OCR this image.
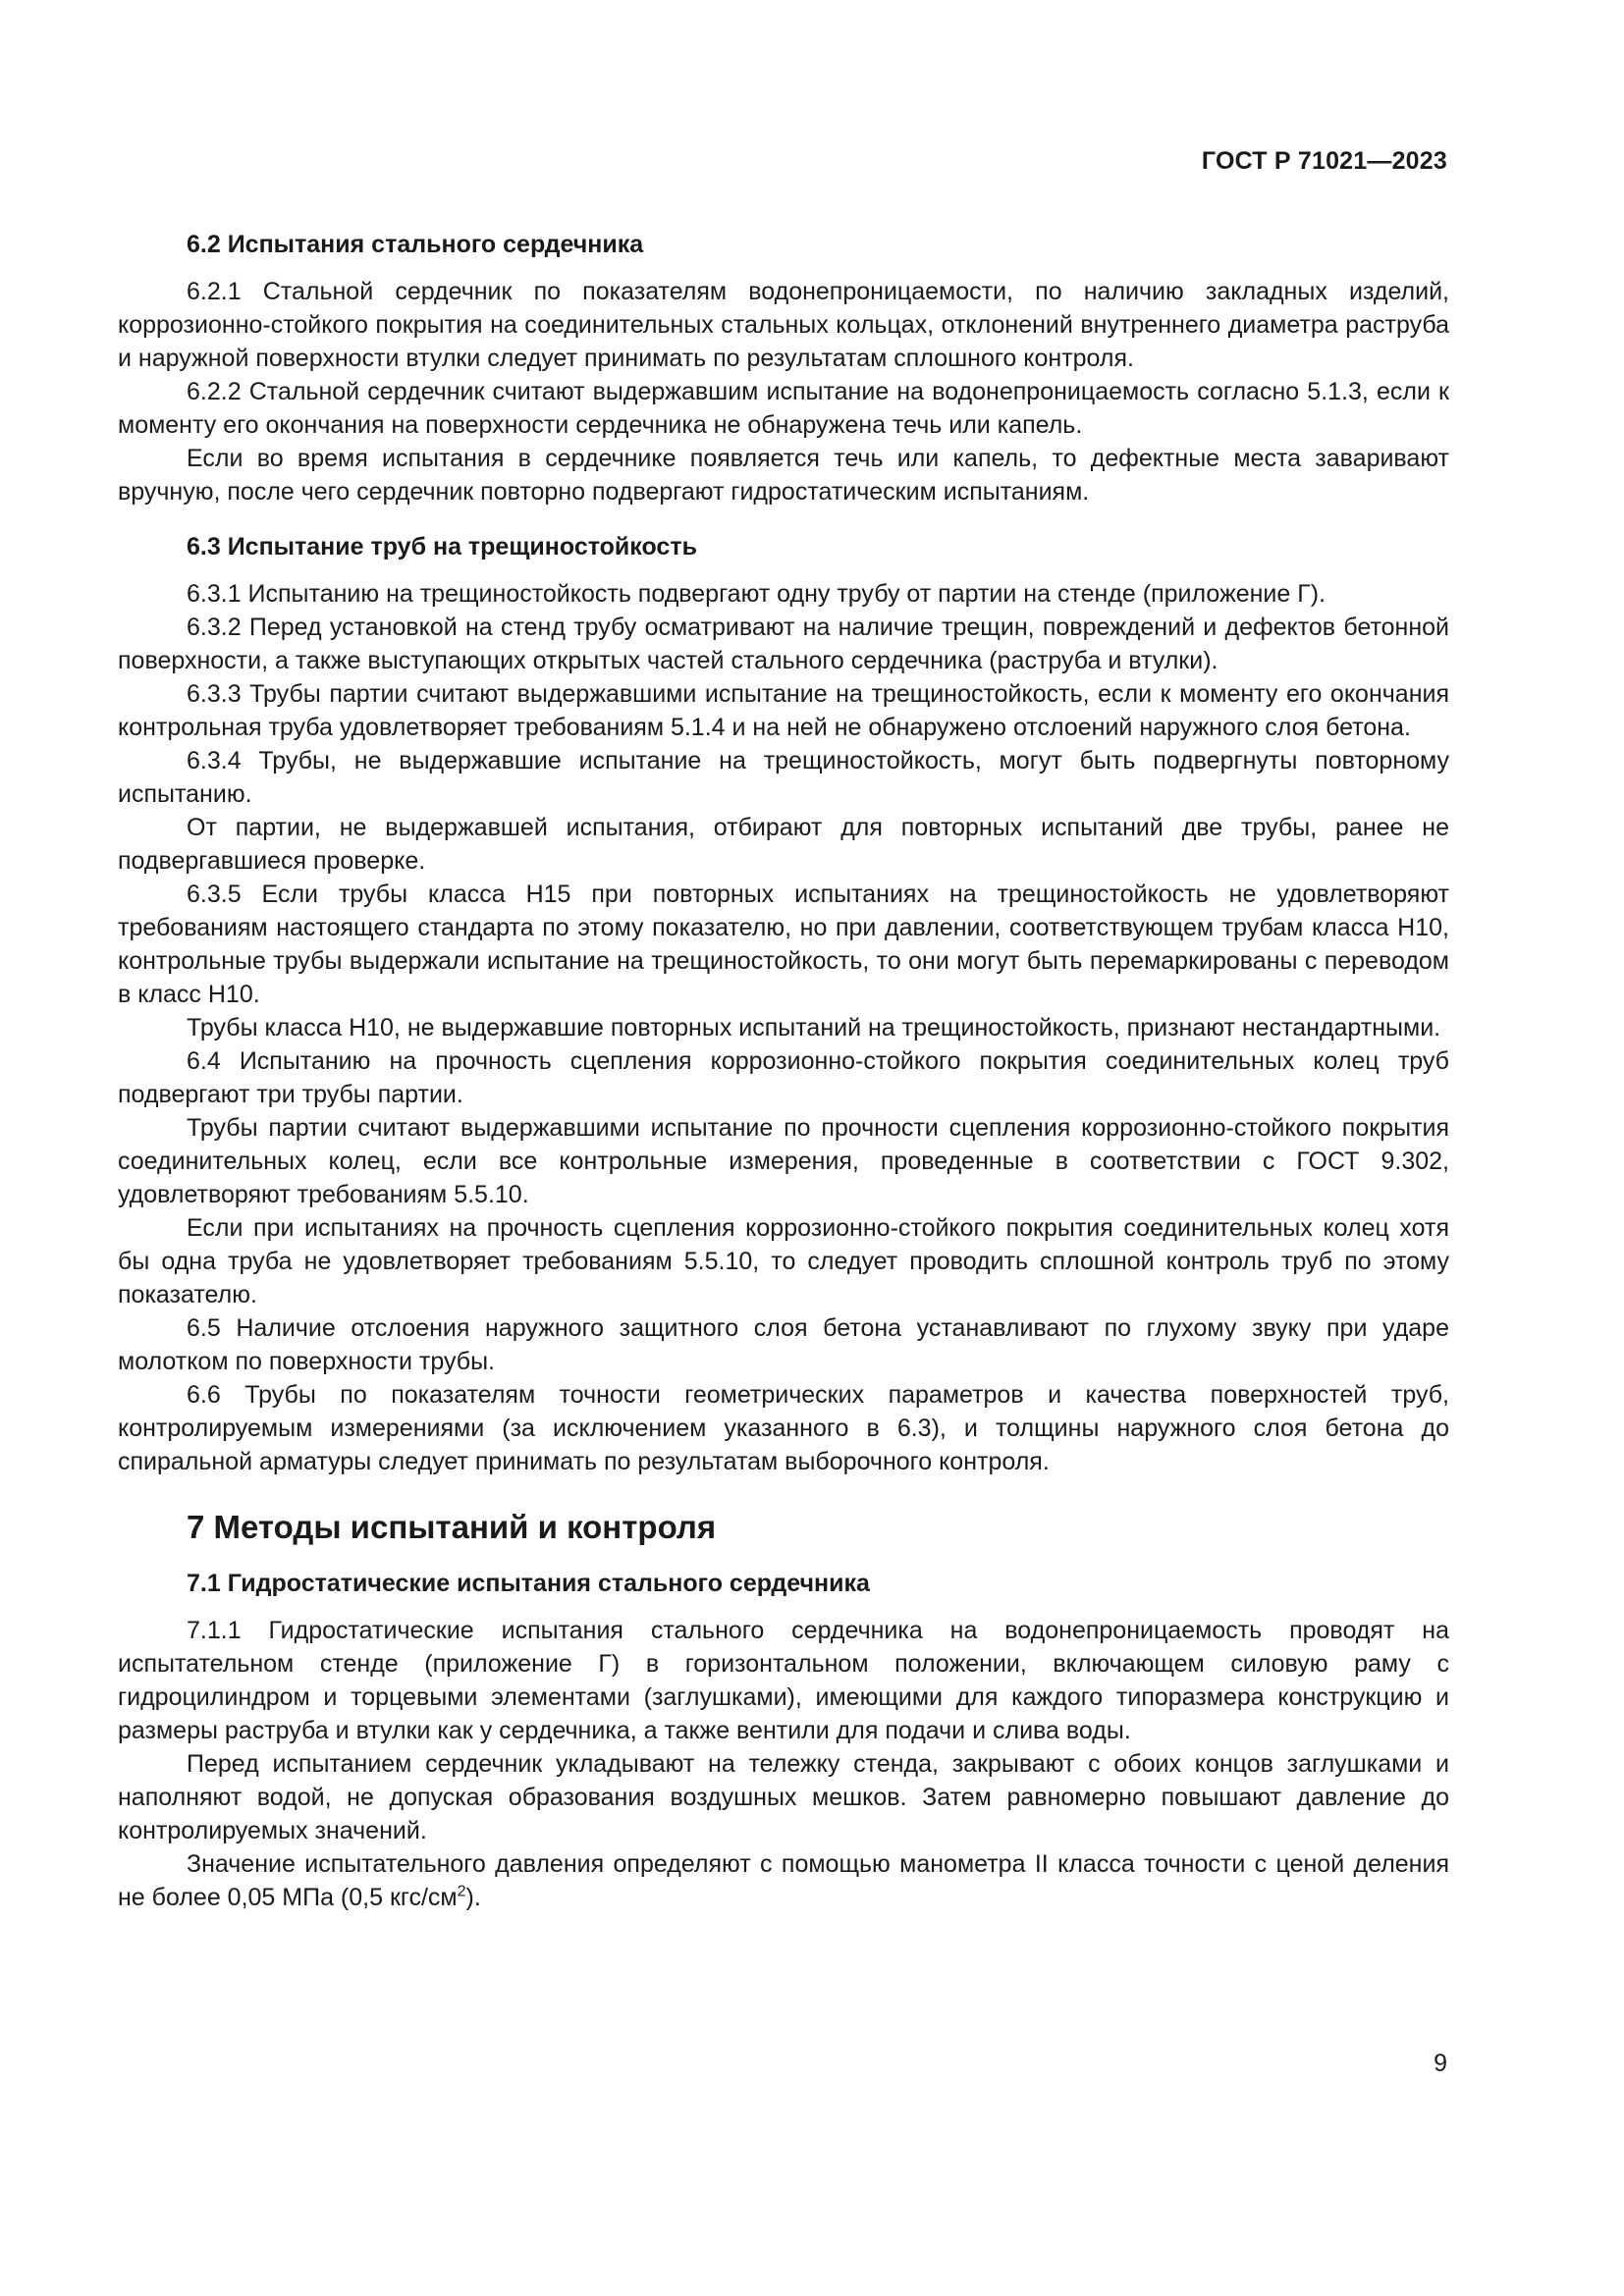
ГОСТ Р 71021—2023
6.2 Испытания стального сердечника

6.2.1 Стальной сердечник по показателям водонепроницаемости, по наличию закладных изделий, коррозионно-стойкого покрытия на соединительных стальных кольцах, отклонений внутреннего диаметра раструба и наружной поверхности втулки следует принимать по результатам сплошного контроля.

6.2.2 Стальной сердечник считают выдержавшим испытание на водонепроницаемость согласно 5.1.3, если к моменту его окончания на поверхности сердечника не обнаружена течь или капель.

Если во время испытания в сердечнике появляется течь или капель, то дефектные места заваривают вручную, после чего сердечник повторно подвергают гидростатическим испытаниям.

6.3 Испытание труб на трещиностойкость

6.3.1 Испытанию на трещиностойкость подвергают одну трубу от партии на стенде (приложение Г).

6.3.2 Перед установкой на стенд трубу осматривают на наличие трещин, повреждений и дефектов бетонной поверхности, а также выступающих открытых частей стального сердечника (раструба и втулки).

6.3.3 Трубы партии считают выдержавшими испытание на трещиностойкость, если к моменту его окончания контрольная труба удовлетворяет требованиям 5.1.4 и на ней не обнаружено отслоений наружного слоя бетона.

6.3.4 Трубы, не выдержавшие испытание на трещиностойкость, могут быть подвергнуты повторному испытанию.

От партии, не выдержавшей испытания, отбирают для повторных испытаний две трубы, ранее не подвергавшиеся проверке.

6.3.5 Если трубы класса Н15 при повторных испытаниях на трещиностойкость не удовлетворяют требованиям настоящего стандарта по этому показателю, но при давлении, соответствующем трубам класса Н10, контрольные трубы выдержали испытание на трещиностойкость, то они могут быть перемаркированы с переводом в класс Н10.

Трубы класса Н10, не выдержавшие повторных испытаний на трещиностойкость, признают нестандартными.

6.4 Испытанию на прочность сцепления коррозионно-стойкого покрытия соединительных колец труб подвергают три трубы партии.

Трубы партии считают выдержавшими испытание по прочности сцепления коррозионно-стойкого покрытия соединительных колец, если все контрольные измерения, проведенные в соответствии с ГОСТ 9.302, удовлетворяют требованиям 5.5.10.

Если при испытаниях на прочность сцепления коррозионно-стойкого покрытия соединительных колец хотя бы одна труба не удовлетворяет требованиям 5.5.10, то следует проводить сплошной контроль труб по этому показателю.

6.5 Наличие отслоения наружного защитного слоя бетона устанавливают по глухому звуку при ударе молотком по поверхности трубы.

6.6 Трубы по показателям точности геометрических параметров и качества поверхностей труб, контролируемым измерениями (за исключением указанного в 6.3), и толщины наружного слоя бетона до спиральной арматуры следует принимать по результатам выборочного контроля.

7 Методы испытаний и контроля
7.1 Гидростатические испытания стального сердечника

7.1.1 Гидростатические испытания стального сердечника на водонепроницаемость проводят на испытательном стенде (приложение Г) в горизонтальном положении, включающем силовую раму с гидроцилиндром и торцевыми элементами (заглушками), имеющими для каждого типоразмера конструкцию и размеры раструба и втулки как у сердечника, а также вентили для подачи и слива воды.

Перед испытанием сердечник укладывают на тележку стенда, закрывают с обоих концов заглушками и наполняют водой, не допуская образования воздушных мешков. Затем равномерно повышают давление до контролируемых значений.

Значение испытательного давления определяют с помощью манометра II класса точности с ценой деления не более 0,05 МПа (0,5 кгс/$см^2$).

9
